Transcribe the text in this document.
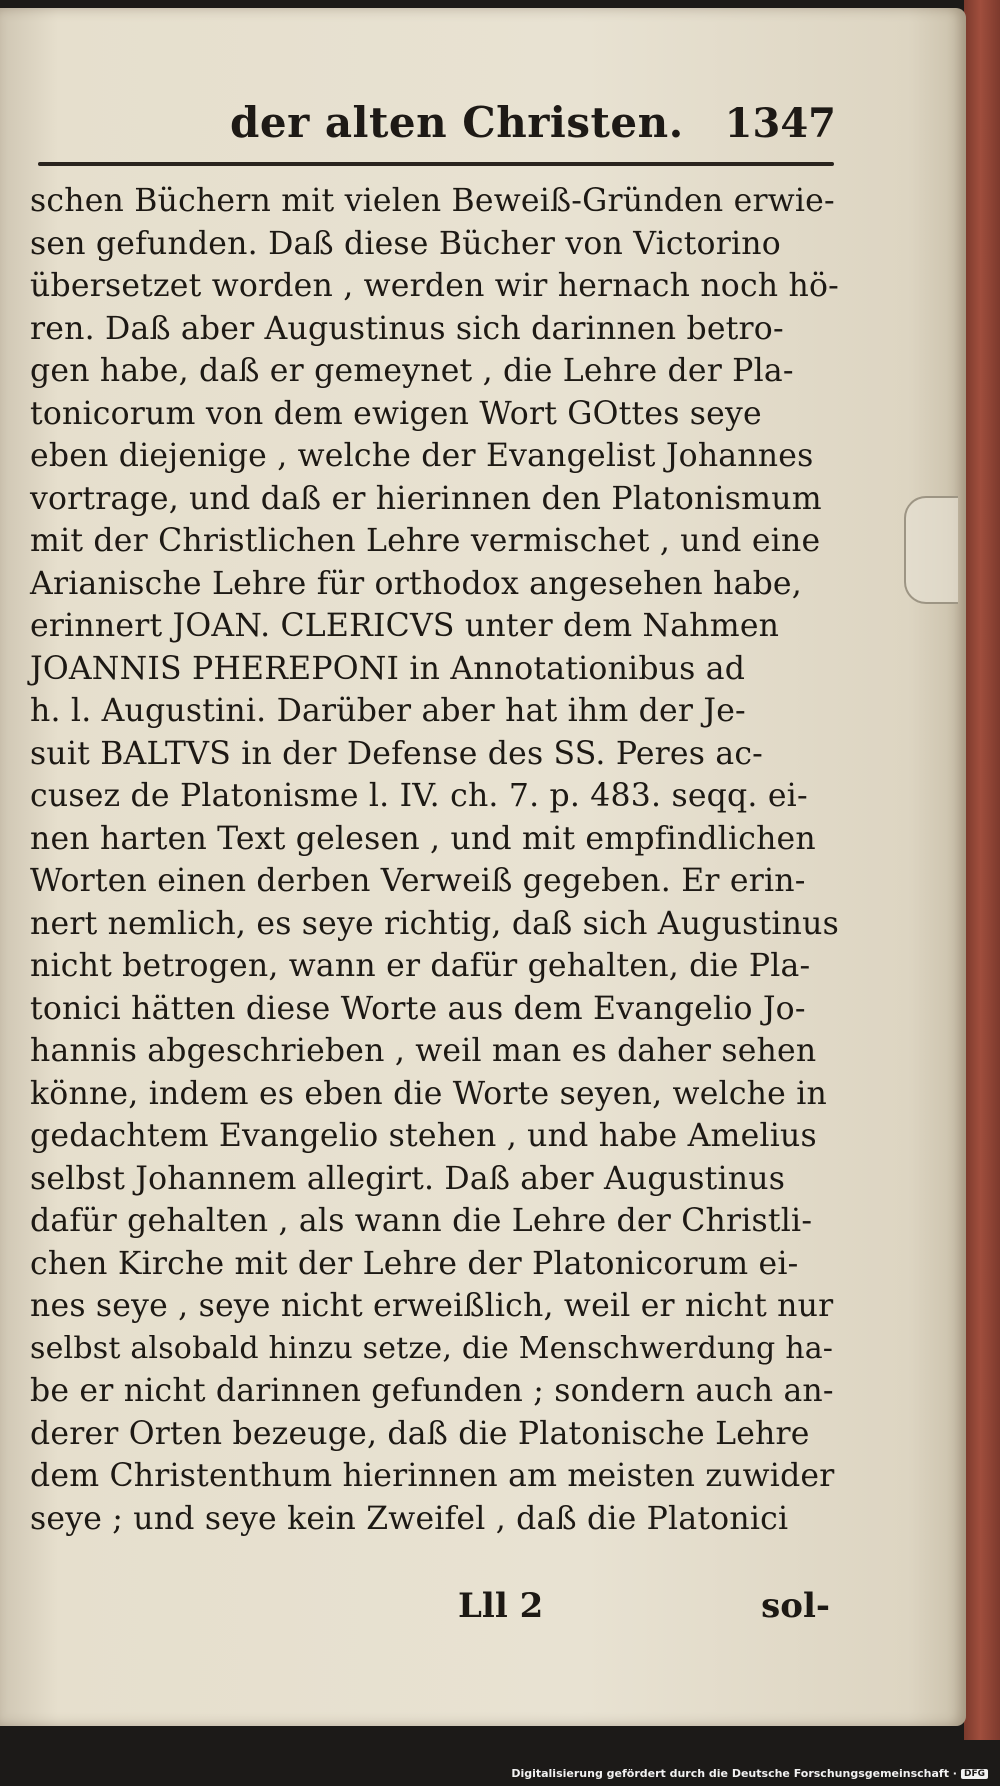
der alten Christen. 1347
schen Büchern mit vielen Beweiß-Gründen erwie-
sen gefunden. Daß diese Bücher von Victorino
übersetzet worden , werden wir hernach noch hö-
ren. Daß aber Augustinus sich darinnen betro-
gen habe, daß er gemeynet , die Lehre der Pla-
tonicorum von dem ewigen Wort GOttes seye
eben diejenige , welche der Evangelist Johannes
vortrage, und daß er hierinnen den Platonismum
mit der Christlichen Lehre vermischet , und eine
Arianische Lehre für orthodox angesehen habe,
erinnert JOAN. CLERICVS unter dem Nahmen
JOANNIS PHEREPONI in Annotationibus ad
h. l. Augustini. Darüber aber hat ihm der Je-
suit BALTVS in der Defense des SS. Peres ac-
cusez de Platonisme l. IV. ch. 7. p. 483. seqq. ei-
nen harten Text gelesen , und mit empfindlichen
Worten einen derben Verweiß gegeben. Er erin-
nert nemlich, es seye richtig, daß sich Augustinus
nicht betrogen, wann er dafür gehalten, die Pla-
tonici hätten diese Worte aus dem Evangelio Jo-
hannis abgeschrieben , weil man es daher sehen
könne, indem es eben die Worte seyen, welche in
gedachtem Evangelio stehen , und habe Amelius
selbst Johannem allegirt. Daß aber Augustinus
dafür gehalten , als wann die Lehre der Christli-
chen Kirche mit der Lehre der Platonicorum ei-
nes seye , seye nicht erweißlich, weil er nicht nur
selbst alsobald hinzu setze, die Menschwerdung ha-
be er nicht darinnen gefunden ; sondern auch an-
derer Orten bezeuge, daß die Platonische Lehre
dem Christenthum hierinnen am meisten zuwider
seye ; und seye kein Zweifel , daß die Platonici
Lll 2	sol-
Digitalisierung gefördert durch die Deutsche Forschungsgemeinschaft · DFG
